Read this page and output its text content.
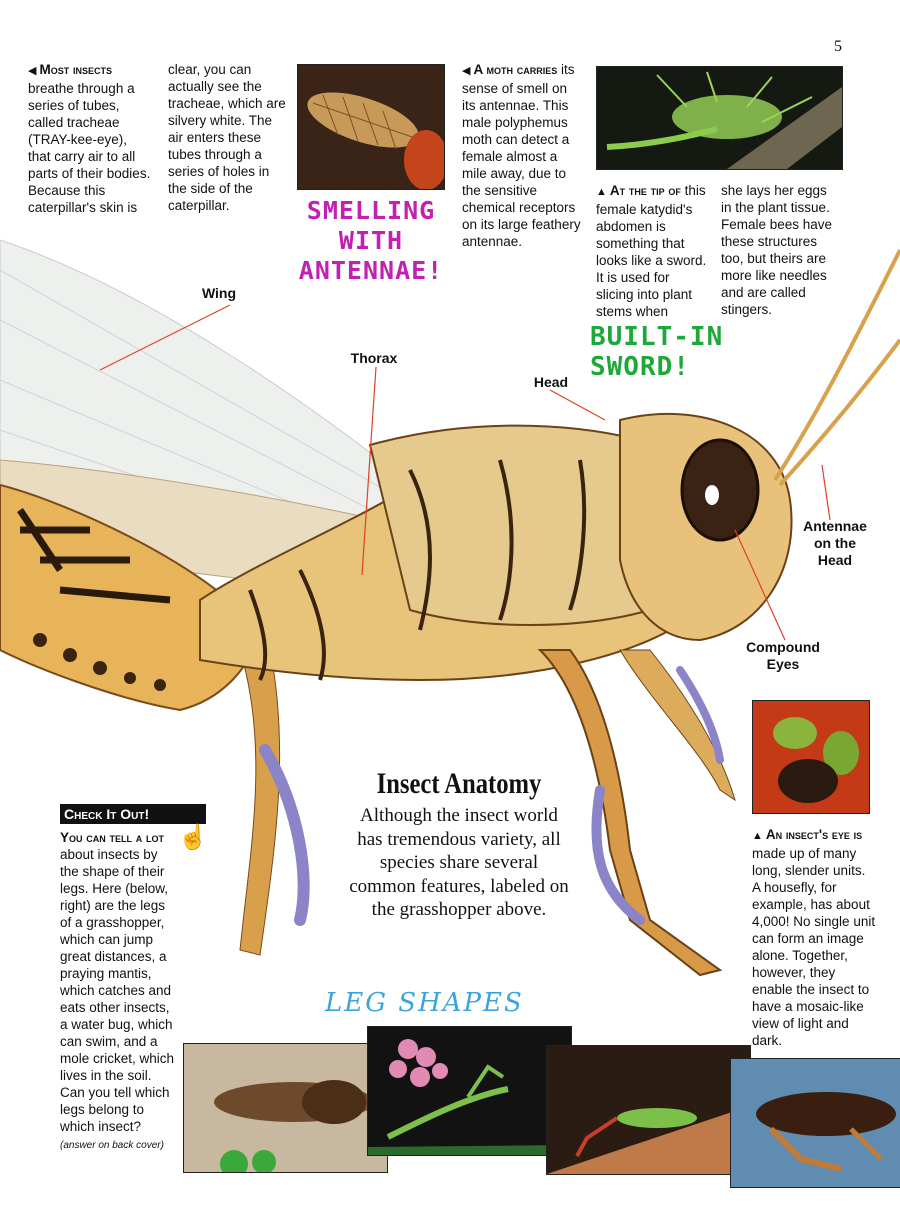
5
◀ Most insects breathe through a series of tubes, called tracheae (TRAY-kee-eye), that carry air to all parts of their bodies. Because this caterpillar's skin is
clear, you can actually see the tracheae, which are silvery white. The air enters these tubes through a series of holes in the side of the caterpillar.	SMELLING WITH
ANTENNAE!
◀ A moth carries its sense of smell on its antennae. This male polyphemus moth can detect a female almost a mile away, due to the sensitive chemical receptors on its large feathery antennae.
▲ At the tip of this female katydid's abdomen is something that looks like a sword. It is used for slicing into plant stems when
she lays her eggs in the plant tissue. Female bees have these structures too, but theirs are more like needles and are called stingers.
BUILT-IN SWORD!
Wing
Thorax
Head
Antennae on the Head
Compound Eyes
Insect Anatomy
Although the insect world has tremendous variety, all species share several common features, labeled on the grasshopper above.
▲ An insect's eye is made up of many long, slender units. A housefly, for example, has about 4,000! No single unit can form an image alone. Together, however, they enable the insect to have a mosaic-like view of light and dark.
Check It Out!
☝
You can tell a lot about insects by the shape of their legs. Here (below, right) are the legs of a grasshopper, which can jump great distances, a praying mantis, which catches and eats other insects, a water bug, which can swim, and a mole cricket, which lives in the soil. Can you tell which legs belong to which insect?
(answer on back cover)
LEG SHAPES
